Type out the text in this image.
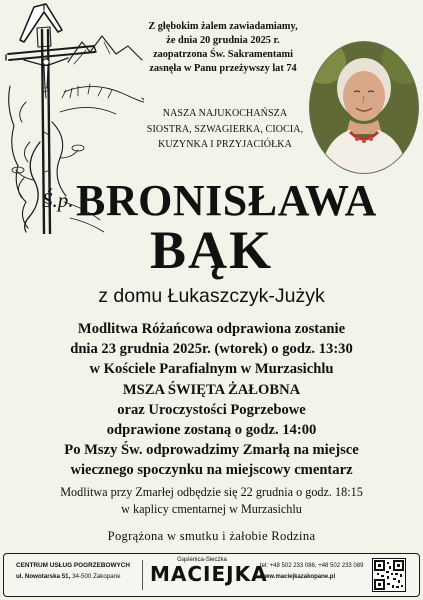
Z głębokim żalem zawiadamiamy,
że dnia 20 grudnia 2025 r.
zaopatrzona Św. Sakramentami
zasnęła w Panu przeżywszy lat 74
NASZA NAJUKOCHAŃSZA
SIOSTRA, SZWAGIERKA, CIOCIA,
KUZYNKA I PRZYJACIÓŁKA
Ś.p. BRONISŁAWA
BĄK
z domu Łukaszczyk-Jużyk
Modlitwa Różańcowa odprawiona zostanie
dnia 23 grudnia 2025r. (wtorek) o godz. 13:30
w Kościele Parafialnym w Murzasichlu
MSZA ŚWIĘTA ŻAŁOBNA
oraz Uroczystości Pogrzebowe
odprawione zostaną o godz. 14:00
Po Mszy Św. odprowadzimy Zmarłą na miejsce
wiecznego spoczynku na miejscowy cmentarz
Modlitwa przy Zmarłej odbędzie się 22 grudnia o godz. 18:15
w kaplicy cmentarnej w Murzasichlu
Pogrążona w smutku i żałobie Rodzina
CENTRUM USŁUG POGRZEBOWYCH
ul. Nowotarska 51, 34-500 Zakopane
Gąsienica-Sieczka
MACIEJKA
tel: +48 502 233 086, +48 502 233 089
www.maciejkazakopane.pl
